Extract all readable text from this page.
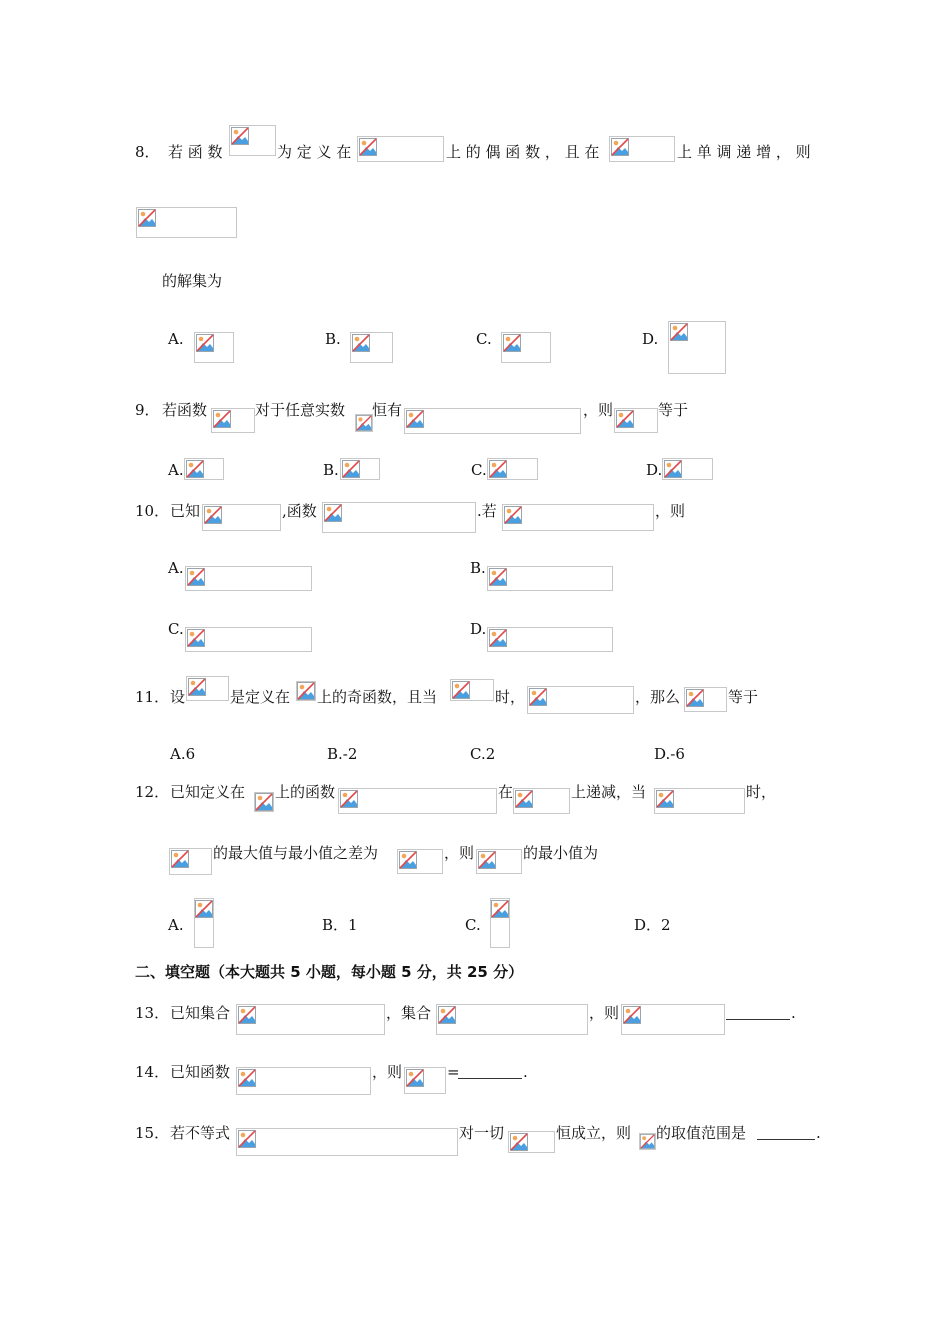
8． 若 函 数	为 定 义 在	上 的 偶 函 数 ， 且 在	上 单 调 递 增 ， 则
的解集为
A.	B.	C.	D.
9． 若函数	对于任意实数 恒有	，则	等于
A.	B.	C.	D.
10． 已知	,函数	.若	，则
A.	B.
C.	D.
11． 设	是定义在 上的奇函数，且当	时，	，那么	等于
A.6	B.-2	C.2	D.-6
12． 已知定义在 上的函数	在	上递减，当	时，
的最大值与最小值之差为	，则	的最小值为
A.	B．1	C.	D．2
二、填空题（本大题共 5 小题，每小题 5 分，共 25 分）
13． 已知集合	，集合	，则	.
14． 已知函数	，则	=	.
15． 若不等式	对一切	恒成立，则 的取值范围是	.
